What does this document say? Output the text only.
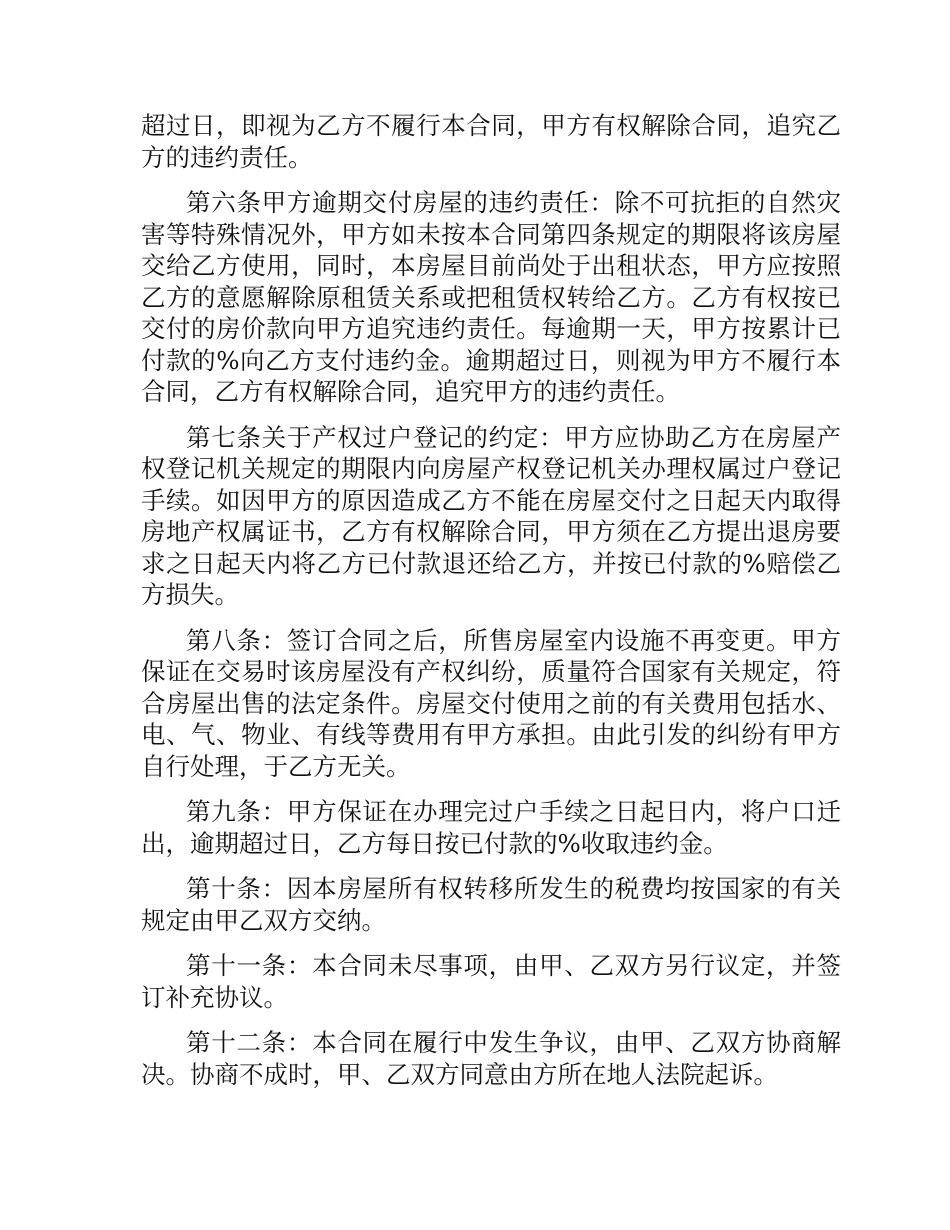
超过日，即视为乙方不履行本合同，甲方有权解除合同，追究乙方的违约责任。

第六条甲方逾期交付房屋的违约责任：除不可抗拒的自然灾害等特殊情况外，甲方如未按本合同第四条规定的期限将该房屋交给乙方使用，同时，本房屋目前尚处于出租状态，甲方应按照乙方的意愿解除原租赁关系或把租赁权转给乙方。乙方有权按已交付的房价款向甲方追究违约责任。每逾期一天，甲方按累计已付款的%向乙方支付违约金。逾期超过日，则视为甲方不履行本合同，乙方有权解除合同，追究甲方的违约责任。

第七条关于产权过户登记的约定：甲方应协助乙方在房屋产权登记机关规定的期限内向房屋产权登记机关办理权属过户登记手续。如因甲方的原因造成乙方不能在房屋交付之日起天内取得房地产权属证书，乙方有权解除合同，甲方须在乙方提出退房要求之日起天内将乙方已付款退还给乙方，并按已付款的%赔偿乙方损失。

第八条：签订合同之后，所售房屋室内设施不再变更。甲方保证在交易时该房屋没有产权纠纷，质量符合国家有关规定，符合房屋出售的法定条件。房屋交付使用之前的有关费用包括水、电、气、物业、有线等费用有甲方承担。由此引发的纠纷有甲方自行处理，于乙方无关。

第九条：甲方保证在办理完过户手续之日起日内，将户口迁出，逾期超过日，乙方每日按已付款的%收取违约金。

第十条：因本房屋所有权转移所发生的税费均按国家的有关规定由甲乙双方交纳。

第十一条：本合同未尽事项，由甲、乙双方另行议定，并签订补充协议。

第十二条：本合同在履行中发生争议，由甲、乙双方协商解决。协商不成时，甲、乙双方同意由方所在地人法院起诉。
